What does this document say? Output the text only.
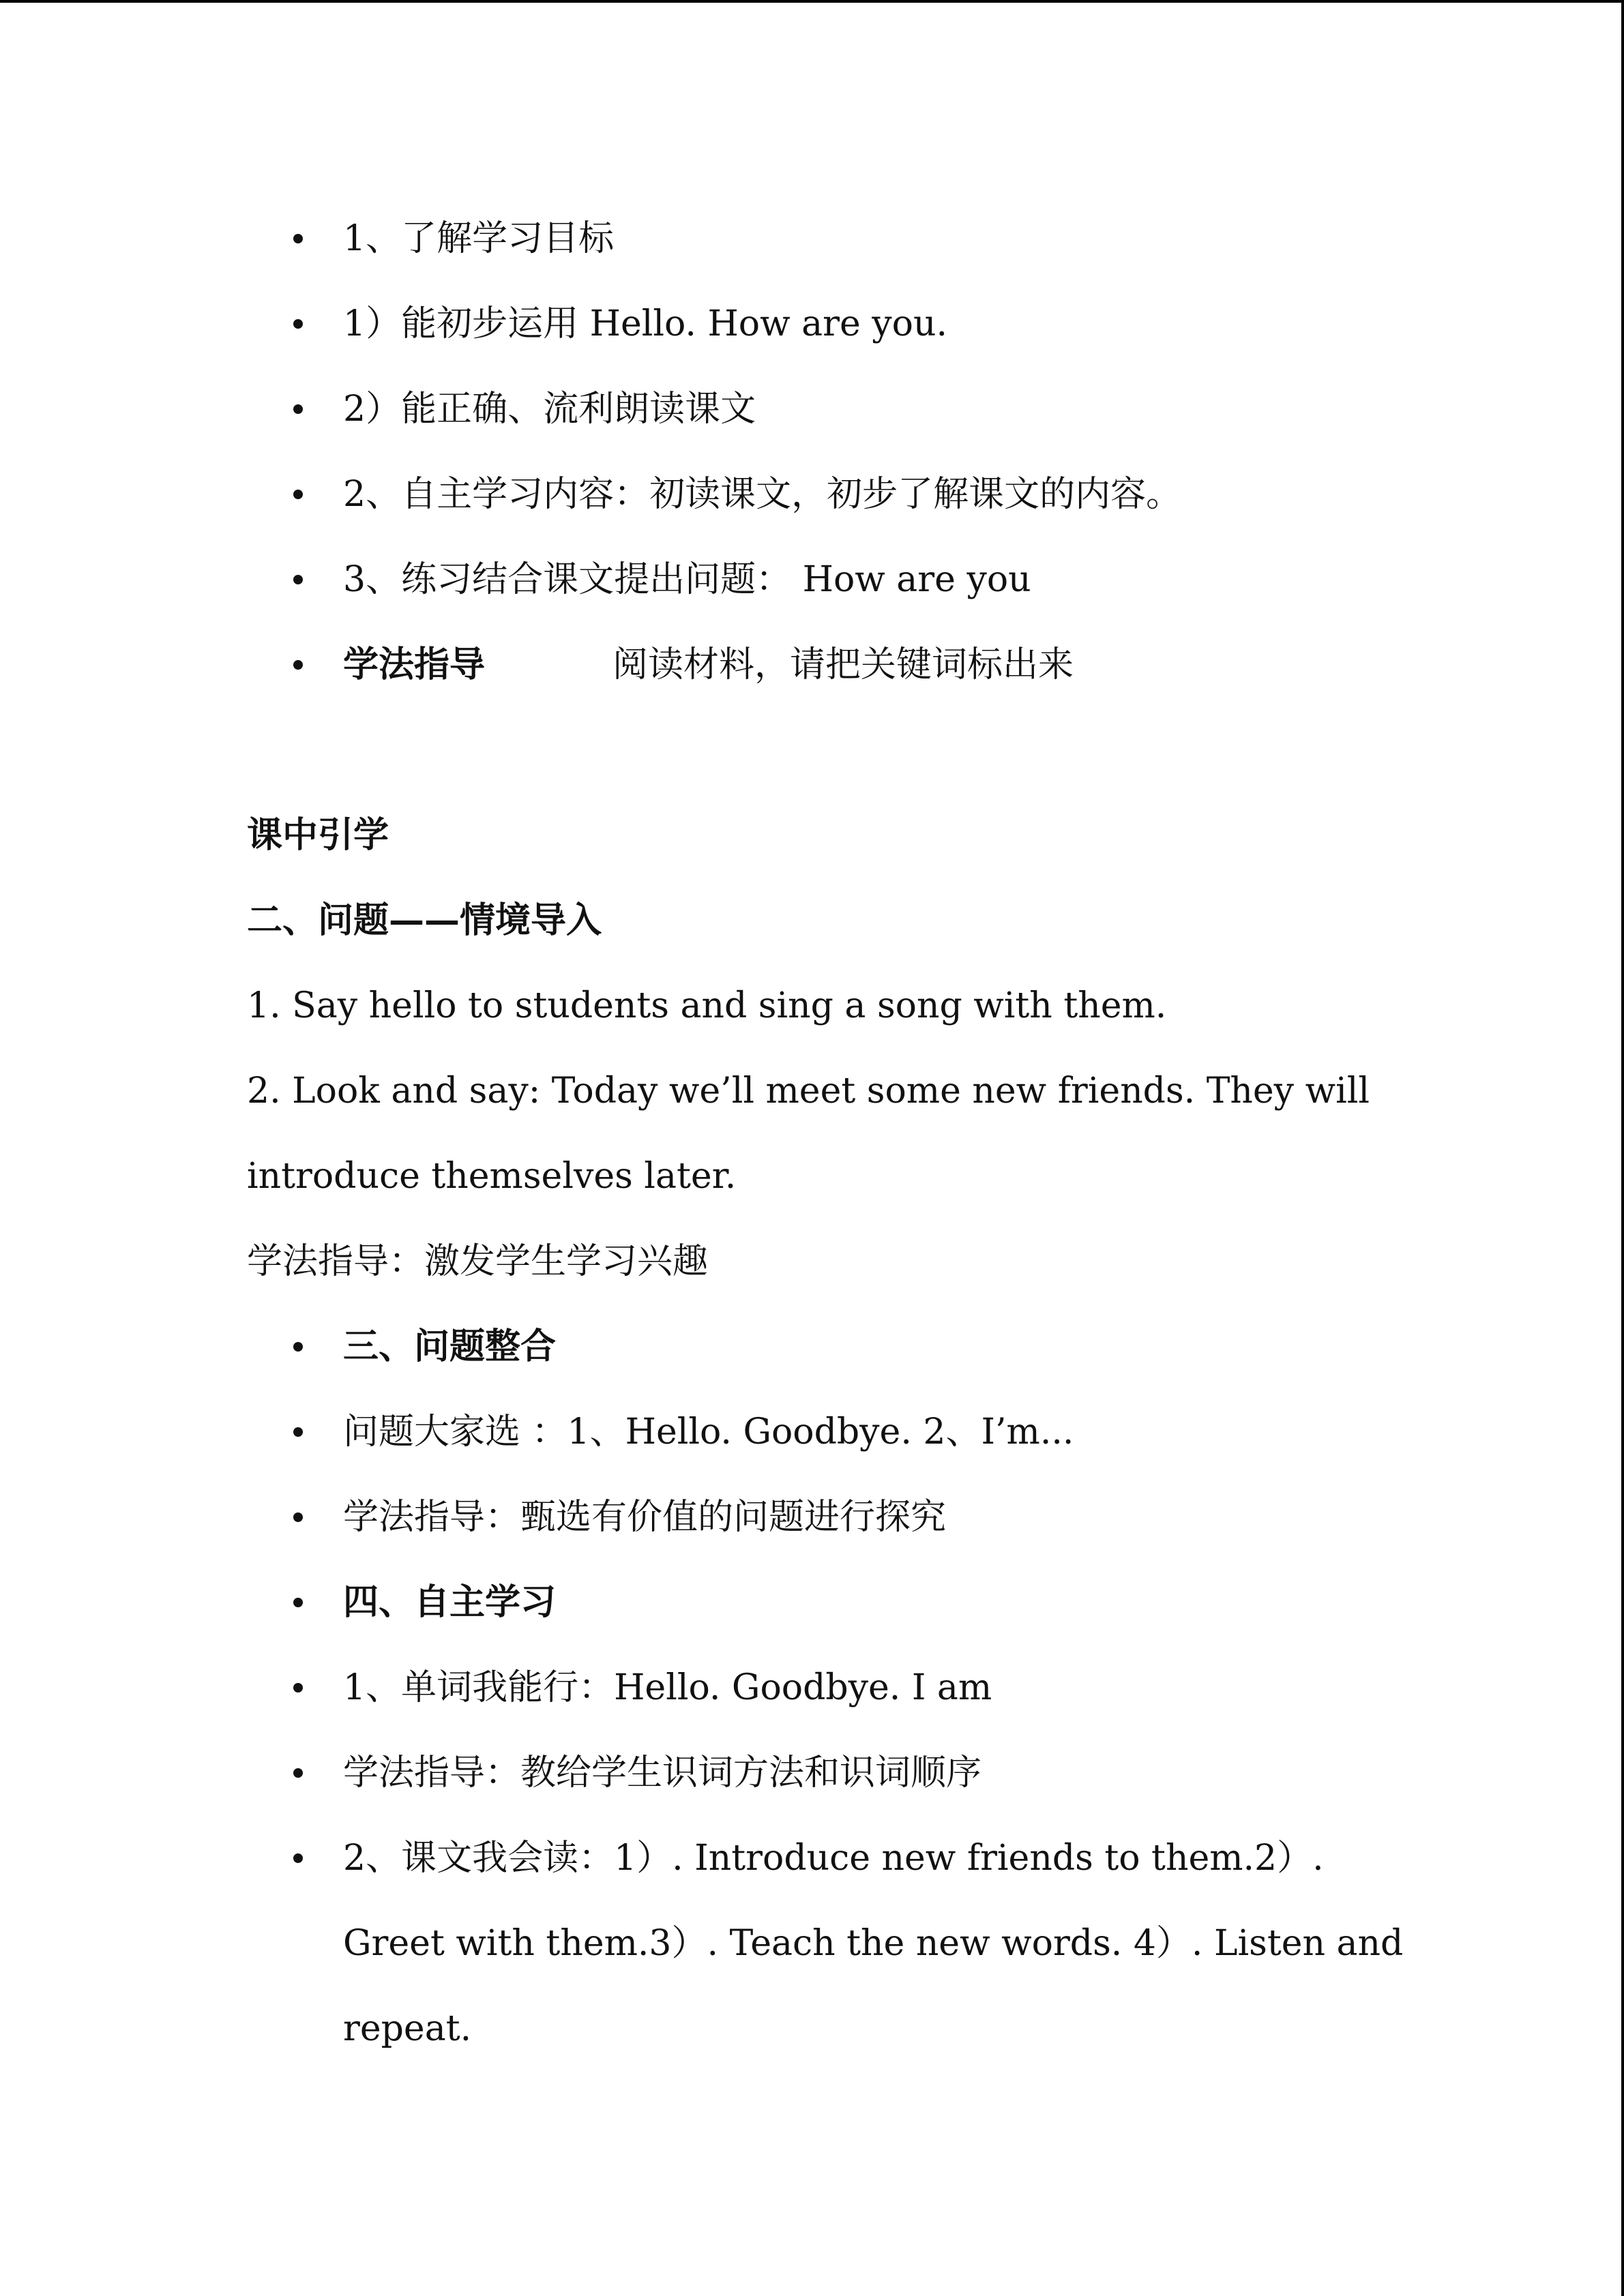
1、了解学习目标
1）能初步运用 Hello. How are you.
2）能正确、流利朗读课文
2、自主学习内容：初读课文，初步了解课文的内容。
3、练习结合课文提出问题： How are you
学法指导	阅读材料，请把关键词标出来
课中引学
二、问题——情境导入
1. Say hello to students and sing a song with them.
2. Look and say: Today we’ll meet some new friends. They will
introduce themselves later.
学法指导：激发学生学习兴趣
三、问题整合
问题大家选 ：1、Hello. Goodbye. 2、I’m...
学法指导：甄选有价值的问题进行探究
四、自主学习
1、单词我能行：Hello. Goodbye. I am
学法指导：教给学生识词方法和识词顺序
2、课文我会读：1）. Introduce new friends to them.2）.
Greet with them.3）. Teach the new words. 4）. Listen and
repeat.
